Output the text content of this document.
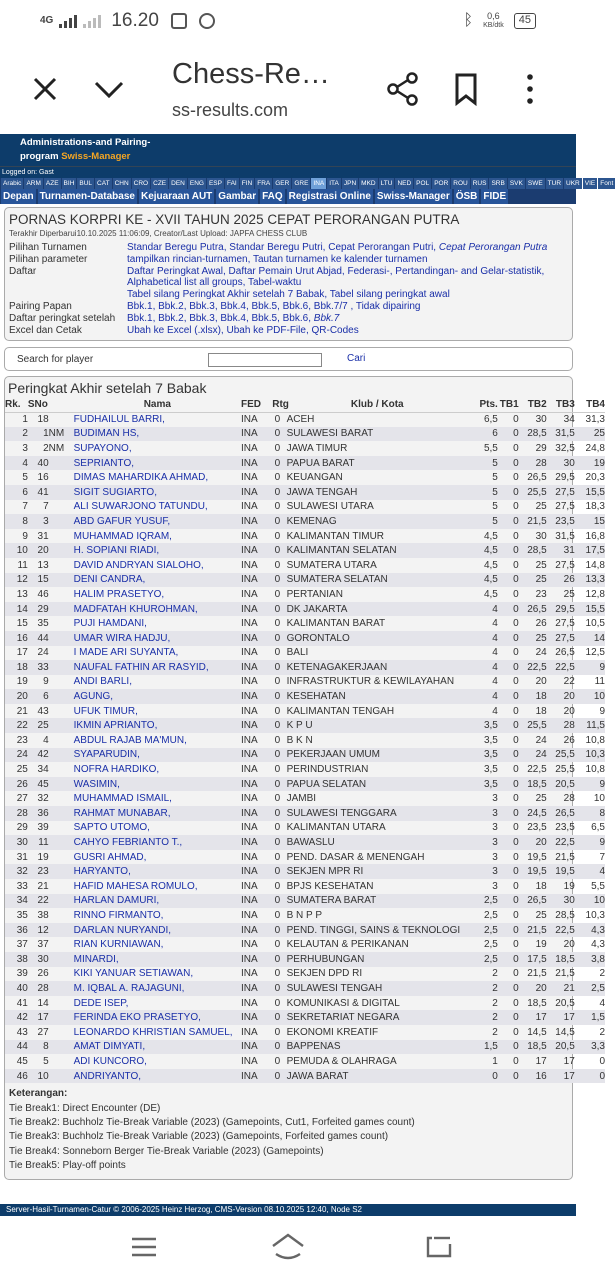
4G	16.20	ᛒ	0,6
KB/dtk	45
Chess-Re…
ss-results.com
Administrations-and Pairing-
program Swiss-Manager
Logged on: Gast
Arabic ARM AZE BIH BUL CAT CHN CRO CZE DEN ENG ESP FAI FIN FRA GER GRE INA ITA JPN MKD LTU NED POL POR ROU RUS SRB SVK SWE TUR UKR VIE Font
Depan Turnamen-Database Kejuaraan AUT Gambar FAQ Registrasi Online Swiss-Manager ÖSB FIDE
PORNAS KORPRI KE - XVII TAHUN 2025 CEPAT PERORANGAN PUTRA
Terakhir Diperbarui10.10.2025 11:06:09, Creator/Last Upload: JAPFA CHESS CLUB
Pilihan Turnamen	Standar Beregu Putra, Standar Beregu Putri, Cepat Perorangan Putri, Cepat Perorangan Putra
Pilihan parameter	tampilkan rincian-turnamen, Tautan turnamen ke kalender turnamen
Daftar	Daftar Peringkat Awal, Daftar Pemain Urut Abjad, Federasi-, Pertandingan- and Gelar-statistik, Alphabetical list all groups, Tabel-waktu
Tabel silang Peringkat Akhir setelah 7 Babak, Tabel silang peringkat awal
Pairing Papan	Bbk.1, Bbk.2, Bbk.3, Bbk.4, Bbk.5, Bbk.6, Bbk.7/7 , Tidak dipairing
Daftar peringkat setelah	Bbk.1, Bbk.2, Bbk.3, Bbk.4, Bbk.5, Bbk.6, Bbk.7
Excel dan Cetak	Ubah ke Excel (.xlsx), Ubah ke PDF-File, QR-Codes
Search for player	Cari
Peringkat Akhir setelah 7 Babak
Rk.	SNo		Nama	FED	Rtg	Klub / Kota	Pts.	TB1	TB2	TB3	TB4
1	18		FUDHAILUL BARRI,	INA	0	ACEH	6,5	0	30	34	31,3
2	1	NM	BUDIMAN HS,	INA	0	SULAWESI BARAT	6	0	28,5	31,5	25
3	2	NM	SUPAYONO,	INA	0	JAWA TIMUR	5,5	0	29	32,5	24,8
4	40		SEPRIANTO,	INA	0	PAPUA BARAT	5	0	28	30	19
5	16		DIMAS MAHARDIKA AHMAD,	INA	0	KEUANGAN	5	0	26,5	29,5	20,3
6	41		SIGIT SUGIARTO,	INA	0	JAWA TENGAH	5	0	25,5	27,5	15,5
7	7		ALI SUWARJONO TATUNDU,	INA	0	SULAWESI UTARA	5	0	25	27,5	18,3
8	3		ABD GAFUR YUSUF,	INA	0	KEMENAG	5	0	21,5	23,5	15
9	31		MUHAMMAD IQRAM,	INA	0	KALIMANTAN TIMUR	4,5	0	30	31,5	16,8
10	20		H. SOPIANI RIADI,	INA	0	KALIMANTAN SELATAN	4,5	0	28,5	31	17,5
11	13		DAVID ANDRYAN SIALOHO,	INA	0	SUMATERA UTARA	4,5	0	25	27,5	14,8
12	15		DENI CANDRA,	INA	0	SUMATERA SELATAN	4,5	0	25	26	13,3
13	46		HALIM PRASETYO,	INA	0	PERTANIAN	4,5	0	23	25	12,8
14	29		MADFATAH KHUROHMAN,	INA	0	DK JAKARTA	4	0	26,5	29,5	15,5
15	35		PUJI HAMDANI,	INA	0	KALIMANTAN BARAT	4	0	26	27,5	10,5
16	44		UMAR WIRA HADJU,	INA	0	GORONTALO	4	0	25	27,5	14
17	24		I MADE ARI SUYANTA,	INA	0	BALI	4	0	24	26,5	12,5
18	33		NAUFAL FATHIN AR RASYID,	INA	0	KETENAGAKERJAAN	4	0	22,5	22,5	9
19	9		ANDI BARLI,	INA	0	INFRASTRUKTUR & KEWILAYAHAN	4	0	20	22	11
20	6		AGUNG,	INA	0	KESEHATAN	4	0	18	20	10
21	43		UFUK TIMUR,	INA	0	KALIMANTAN TENGAH	4	0	18	20	9
22	25		IKMIN APRIANTO,	INA	0	K P U	3,5	0	25,5	28	11,5
23	4		ABDUL RAJAB MA'MUN,	INA	0	B K N	3,5	0	24	26	10,8
24	42		SYAPARUDIN,	INA	0	PEKERJAAN UMUM	3,5	0	24	25,5	10,3
25	34		NOFRA HARDIKO,	INA	0	PERINDUSTRIAN	3,5	0	22,5	25,5	10,8
26	45		WASIMIN,	INA	0	PAPUA SELATAN	3,5	0	18,5	20,5	9
27	32		MUHAMMAD ISMAIL,	INA	0	JAMBI	3	0	25	28	10
28	36		RAHMAT MUNABAR,	INA	0	SULAWESI TENGGARA	3	0	24,5	26,5	8
29	39		SAPTO UTOMO,	INA	0	KALIMANTAN UTARA	3	0	23,5	23,5	6,5
30	11		CAHYO FEBRIANTO T.,	INA	0	BAWASLU	3	0	20	22,5	9
31	19		GUSRI AHMAD,	INA	0	PEND. DASAR & MENENGAH	3	0	19,5	21,5	7
32	23		HARYANTO,	INA	0	SEKJEN MPR RI	3	0	19,5	19,5	4
33	21		HAFID MAHESA ROMULO,	INA	0	BPJS KESEHATAN	3	0	18	19	5,5
34	22		HARLAN DAMURI,	INA	0	SUMATERA BARAT	2,5	0	26,5	30	10
35	38		RINNO FIRMANTO,	INA	0	B N P P	2,5	0	25	28,5	10,3
36	12		DARLAN NURYANDI,	INA	0	PEND. TINGGI, SAINS & TEKNOLOGI	2,5	0	21,5	22,5	4,3
37	37		RIAN KURNIAWAN,	INA	0	KELAUTAN & PERIKANAN	2,5	0	19	20	4,3
38	30		MINARDI,	INA	0	PERHUBUNGAN	2,5	0	17,5	18,5	3,8
39	26		KIKI YANUAR SETIAWAN,	INA	0	SEKJEN DPD RI	2	0	21,5	21,5	2
40	28		M. IQBAL A. RAJAGUNI,	INA	0	SULAWESI TENGAH	2	0	20	21	2,5
41	14		DEDE ISEP,	INA	0	KOMUNIKASI & DIGITAL	2	0	18,5	20,5	4
42	17		FERINDA EKO PRASETYO,	INA	0	SEKRETARIAT NEGARA	2	0	17	17	1,5
43	27		LEONARDO KHRISTIAN SAMUEL,	INA	0	EKONOMI KREATIF	2	0	14,5	14,5	2
44	8		AMAT DIMYATI,	INA	0	BAPPENAS	1,5	0	18,5	20,5	3,3
45	5		ADI KUNCORO,	INA	0	PEMUDA & OLAHRAGA	1	0	17	17	0
46	10		ANDRIYANTO,	INA	0	JAWA BARAT	0	0	16	17	0
Keterangan:
Tie Break1: Direct Encounter (DE)
Tie Break2: Buchholz Tie-Break Variable (2023) (Gamepoints, Cut1, Forfeited games count)
Tie Break3: Buchholz Tie-Break Variable (2023) (Gamepoints, Forfeited games count)
Tie Break4: Sonneborn Berger Tie-Break Variable (2023) (Gamepoints)
Tie Break5: Play-off points
Server-Hasil-Turnamen-Catur © 2006-2025 Heinz Herzog, CMS-Version 08.10.2025 12:40, Node S2
